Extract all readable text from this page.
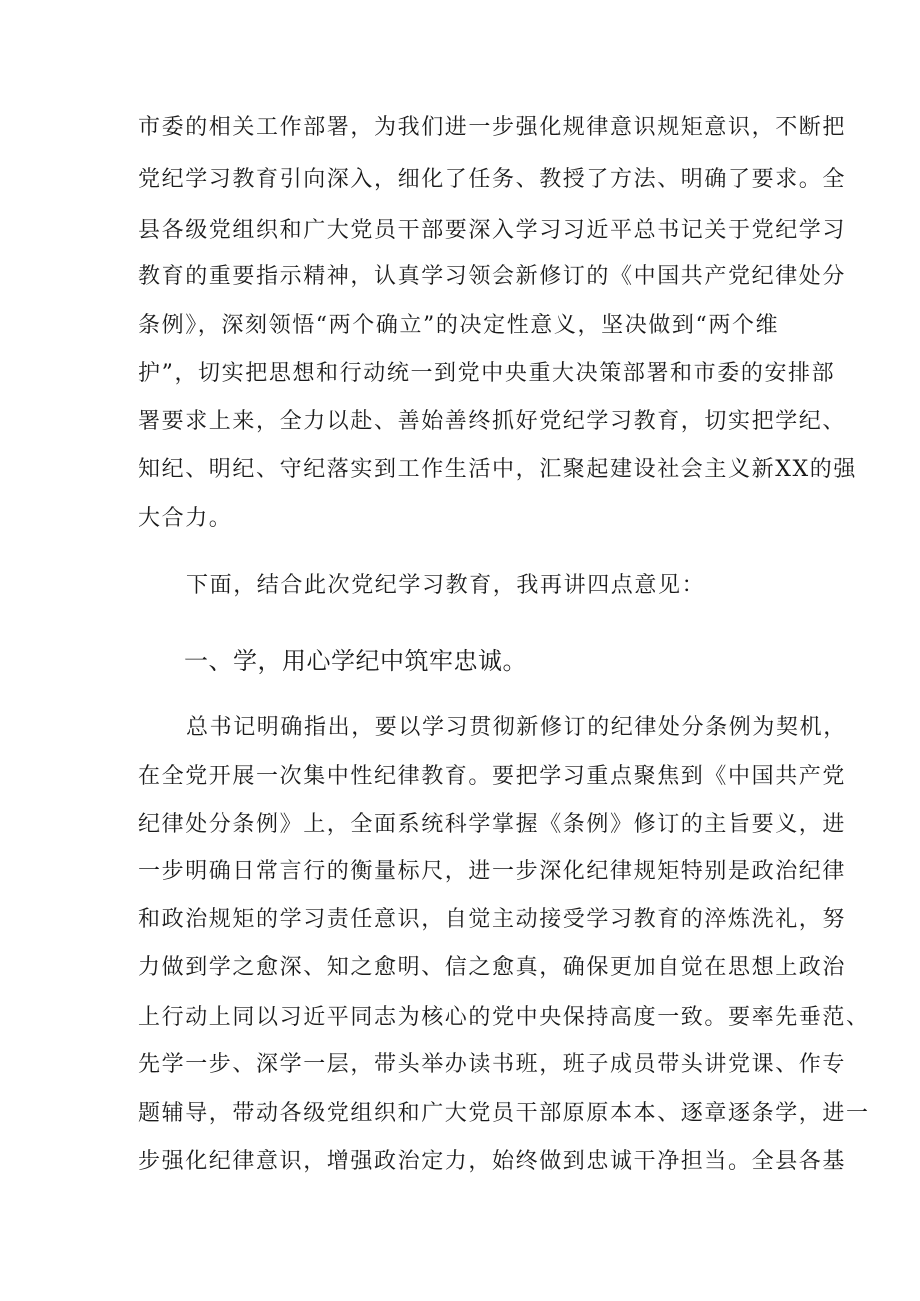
市委的相关工作部署，为我们进一步强化规律意识规矩意识，不断把
党纪学习教育引向深入，细化了任务、教授了方法、明确了要求。全
县各级党组织和广大党员干部要深入学习习近平总书记关于党纪学习
教育的重要指示精神，认真学习领会新修订的《中国共产党纪律处分
条例》，深刻领悟“两个确立”的决定性意义，坚决做到“两个维
护”，切实把思想和行动统一到党中央重大决策部署和市委的安排部
署要求上来，全力以赴、善始善终抓好党纪学习教育，切实把学纪、
知纪、明纪、守纪落实到工作生活中，汇聚起建设社会主义新XX的强
大合力。
下面，结合此次党纪学习教育，我再讲四点意见：
一、学，用心学纪中筑牢忠诚。
总书记明确指出，要以学习贯彻新修订的纪律处分条例为契机，
在全党开展一次集中性纪律教育。要把学习重点聚焦到《中国共产党
纪律处分条例》上，全面系统科学掌握《条例》修订的主旨要义，进
一步明确日常言行的衡量标尺，进一步深化纪律规矩特别是政治纪律
和政治规矩的学习责任意识，自觉主动接受学习教育的淬炼洗礼，努
力做到学之愈深、知之愈明、信之愈真，确保更加自觉在思想上政治
上行动上同以习近平同志为核心的党中央保持高度一致。要率先垂范、
先学一步、深学一层，带头举办读书班，班子成员带头讲党课、作专
题辅导，带动各级党组织和广大党员干部原原本本、逐章逐条学，进一
步强化纪律意识，增强政治定力，始终做到忠诚干净担当。全县各基
